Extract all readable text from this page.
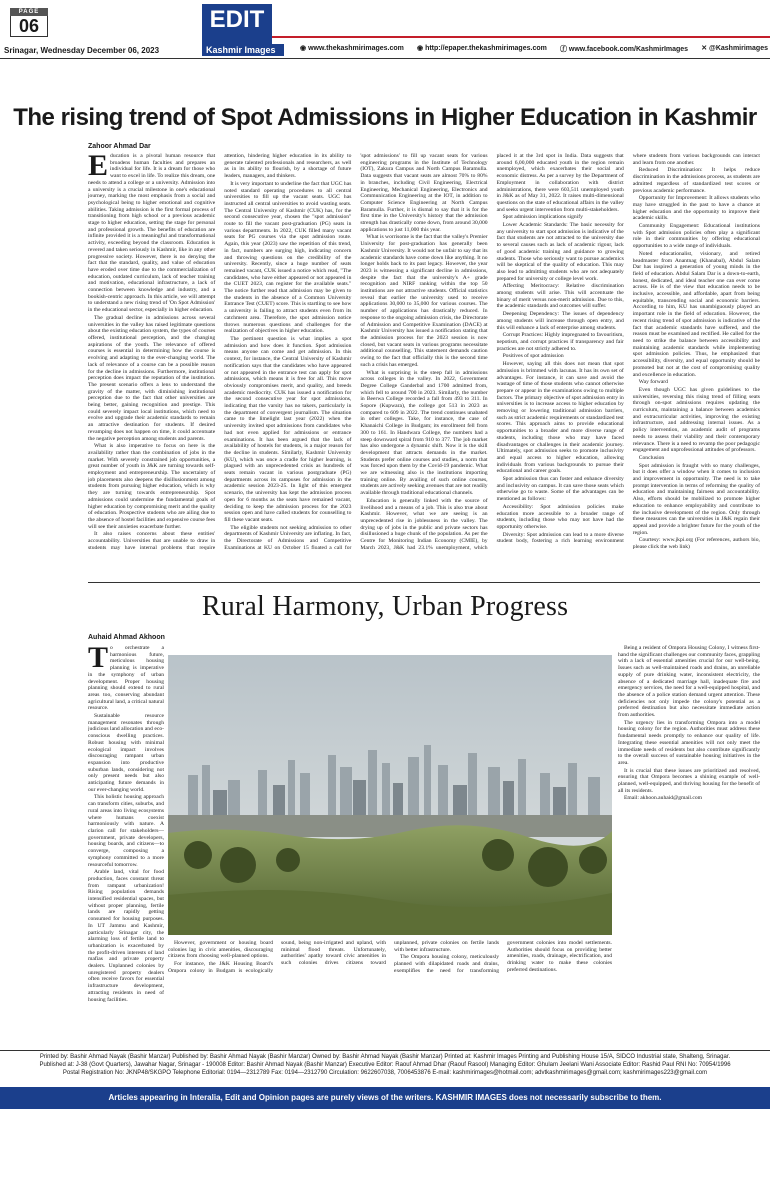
PAGE
06	EDIT
Kashmir Images
Srinagar, Wednesday December 06, 2023	◉ www.thekashmirimages.com ◉ http://epaper.thekashmirimages.com ⓕ www.facebook.com/KashmirImages ✕ @Kashmirimages
The rising trend of Spot Admissions in Higher Education in Kashmir
Zahoor Ahmad Dar
E ducation is a pivotal human resource that broadens human faculties and prepares an individual for life. It is a dream for those who want to excel in life. To realize this dream, one needs to attend a college or a university. Admission into a university is a crucial milestone in one's educational journey, marking the most emphasis from a social and psychological being to higher emotional and cognitive abilities. Taking admission is the first formal process of transitioning from high school or a previous academic stage to higher education, setting the stage for personal and professional growth. The benefits of education are infinite provided it is a meaningful and transformational activity, exceeding beyond the classroom. Education is revered and taken seriously in Kashmir, like in any other progressive society. However, there is no denying the fact that the standard, quality, and value of education have eroded over time due to the commercialization of education, outdated curriculum, lack of teacher training and motivation, educational infrastructure, a lack of connection between knowledge and industry, and a bookish-centric approach. In this article, we will attempt to understand a new rising trend of 'On Spot Admission' in the educational sector, especially in higher education.

The gradual decline in admissions across several universities in the valley has raised legitimate questions about the existing education system, the types of courses offered, institutional perception, and the changing aspirations of the youth. The relevance of offered courses is essential in determining how the course is evolving and adapting to the ever-changing world. The lack of relevance of a course can be a possible reason for the decline in admissions. Furthermore, institutional perception does impact the reputation of the institution. The present scenario offers a lens to understand the gravity of the matter, with diminishing institutional perception due to the fact that other universities are being better, gaining recognition and prestige. This could severely impact local institutions, which need to evolve and upgrade their academic standards to remain an attractive destination for students. If desired revamping does not happen on time, it could accentuate the negative perception among students and parents.

What is also imperative to focus on here is the availability rather than the combination of jobs in the market. With severely constrained job opportunities, a great number of youth in J&K are turning towards self-employment and entrepreneurship. The uncertainty of job placements also deepens the disillusionment among students from pursuing higher education, which is why they are turning towards entrepreneurship. Spot admissions could undermine the fundamental goals of higher education by compromising merit and the quality of education. Prospective students who are ailing due to the absence of hostel facilities and expensive course fees will see their anxieties exacerbate further.

It also raises concerns about these entities' accountability. Universities that are unable to draw in students may have internal problems that require attention, hindering higher education in its ability to generate talented professionals and researchers, as well as in its ability to flourish, by a shortage of future leaders, managers, and thinkers.

It is very important to underline the fact that UGC has noted standard operating procedures to all central universities to fill up the vacant seats. UGC has instructed all central universities to avoid wasting seats. The Central University of Kashmir (CUK) has, for the second consecutive year, chosen the "spot admission" route to fill the vacant post-graduation (PG) seats in various departments. In 2022, CUK filled many vacant seats for PG courses via the spot admission route. Again, this year (2023) saw the repetition of this trend, in fact, numbers are surging high, indicating concern and throwing questions on the credibility of the university. Recently, since a huge number of seats remained vacant, CUK issued a notice which read, "The candidates, who have either appeared or not appeared in the CUET 2023, can register for the available seats." The notice further read that admission may be given to the students in the absence of a Common University Entrance Test (CUET) score. This is startling to see how a university is failing to attract students even from its catchment area. Therefore, the spot admission notice throws numerous questions and challenges for the realization of objectives in higher education.

The pertinent question is what implies a spot admission and how does it function. Spot admission means anyone can come and get admission. In this context, for instance, the Central University of Kashmir notification says that the candidates who have appeared or not appeared in the entrance test can apply for spot admissions, which means it is free for all. This move obviously compromises merit, and quality, and breeds academic mediocrity. CUK has issued a notification for the second consecutive year for spot admissions, indicating that the varsity has no takers, particularly in the department of convergent journalism. The situation came to the limelight last year (2022) when the university invited spot admissions from candidates who had not even applied for admissions or entrance examinations. It has been argued that the lack of availability of hostels for students, is a major reason for the decline in students. Similarly, Kashmir University (KU), which was once a cradle for higher learning, is plagued with an unprecedented crisis as hundreds of seats remain vacant in various postgraduate (PG) departments across its campuses for admission in the academic session 2023-25. In light of this emergent scenario, the university has kept the admission process open for 6 months as the seats have remained vacant, deciding to keep the admission process for the 2023 session open and have called students for counselling to fill these vacant seats.

The eligible students not seeking admission to other departments of Kashmir University are inflating. In fact, the Directorate of Admissions and Competitive Examinations at KU on October 15 floated a call for 'spot admissions' to fill up vacant seats for various engineering programs in the Institute of Technology (IOT), Zakura Campus and North Campus Baramulla. Data suggests that vacant seats are almost 70% to 80% in branches, including Civil Engineering, Electrical Engineering, Mechanical Engineering, Electronics and Communication Engineering at the IOT, in addition to Computer Science Engineering at North Campus Baramulla. Further, it is dismal to say that it is for the first time in the University's history that the admission strength has drastically come down, from around 30,000 applications to just 11,000 this year.

What is worrisome is the fact that the valley's Premier University for post-graduation has generally been Kashmir University. It would not be unfair to say that its academic standards have come down like anything. It no longer holds back to its past legacy. However, the year 2023 is witnessing a significant decline in admissions, despite the fact that the university's A+ grade recognition and NIRF ranking within the top 50 institutions are not attractive students. Official statistics reveal that earlier the university used to receive applications 30,000 to 35,000 for various courses. The number of applications has drastically reduced. In response to the ongoing admission crisis, the Directorate of Admission and Competitive Examination (DACE) at Kashmir University has issued a notification stating that the admission process for the 2023 session is now closed, but vacant seats in various programs necessitate additional counselling. This statement demands caution owing to the fact that officially this is the second time such a crisis has emerged.

What is surprising is the steep fall in admissions across colleges in the valley. In 2022, Government Degree College Ganderbal and 1700 admitted from, which fell to around 700 in 2023. Similarly, the number in Beerwa College recorded a fall from 493 to 311. In Sopore (Kupwara), the college got 513 in 2023 as compared to 609 in 2022. The trend continues unabated in other colleges. Take, for instance, the case of Khanaichi College in Budgam; its enrollment fell from 300 to 161. In Handwara College, the numbers had a steep downward spiral from 910 to 377. The job market has also undergone a dynamic shift. Now it is the skill development that attracts demands in the market. Students prefer online courses and studies, a norm that was forced upon them by the Covid-19 pandemic. What we are witnessing also is the institutions importing training online. By availing of such online courses, students are actively seeking avenues that are not readily available through traditional educational channels.

Education is generally linked with the source of livelihood and a means of a job. This is also true about Kashmir. However, what we are seeing is an unprecedented rise in joblessness in the valley. The drying up of jobs in the public and private sectors has disillusioned a huge chunk of the population. As per the Centre for Monitoring Indian Economy (CMIE), by March 2023, J&K had 23.1% unemployment, which placed it at the 3rd spot in India. Data suggests that around 6,00,000 educated youth in the region remain unemployed, which exacerbates their social and economic distress. As per a survey by the Department of Employment in collaboration with district administrations, there were 603,511 unemployed youth in J&K as of May 31, 2022. It raises multi-dimensional questions on the state of educational affairs in the valley and seeks urgent intervention from multi-stakeholders.

Spot admission implications signify

Lower Academic Standards: The basic necessity for any university to start spot admission is indicative of the fact that students are not attracted to the university due to several causes such as lack of academic rigour, lack of good academic training and guidance to growing students. Those who seriously want to pursue academics will be skeptical of the quality of education. This may also lead to admitting students who are not adequately prepared for university or college level work.

Affecting Meritocracy: Relative discrimination among students will arise. This will accentuate the binary of merit versus non-merit admission. Due to this, the academic standards and outcomes will suffer.

Deepening Dependency: The issues of dependency among students will increase through open entry, and this will enhance a lack of enterprise among students.

Corrupt Practices: Highly impregnated to favouritism, nepotism, and corrupt practices if transparency and fair practices are not strictly adhered to.

Positives of spot admission

However, saying all this does not mean that spot admission is brimmed with lacunas. It has its own set of advantages. For instance, it can save and avoid the wastage of time of those students who cannot otherwise prepare or appear in the examinations owing to multiple factors. The primary objective of spot admission entry in universities is to increase access to higher education by removing or lowering traditional admission barriers, such as strict academic requirements or standardized test scores. This approach aims to provide educational opportunities to a broader and more diverse range of students, including those who may have faced disadvantages or challenges in their academic journey. Ultimately, spot admission seeks to promote inclusivity and equal access to higher education, allowing individuals from various backgrounds to pursue their educational and career goals.

Spot admission thus can foster and enhance diversity and inclusivity on campus. It can save those seats which otherwise go to waste. Some of the advantages can be mentioned as follows:

Accessibility: Spot admission policies make education more accessible to a broader range of students, including those who may not have had the opportunity otherwise.

Diversity: Spot admission can lead to a more diverse student body, fostering a rich learning environment where students from various backgrounds can interact and learn from one another.

Reduced Discrimination: It helps reduce discrimination in the admissions process, as students are admitted regardless of standardized test scores or previous academic performance.

Opportunity for Improvement: It allows students who may have struggled in the past to have a chance at higher education and the opportunity to improve their academic skills.

Community Engagement: Educational institutions with Spot admission policies often play a significant role in their communities by offering educational opportunities to a wide range of individuals.

Noted educationalist, visionary, and retired headmaster from Anantnag (Khanabal), Abdul Salam Dar has inspired a generation of young minds in the field of education. Abdul Salam Dar is a down-to-earth, honest, dedicated, and ideal teacher one can ever come across. He is of the view that education needs to be inclusive, accessible, and affordable, apart from being equitable, transcending social and economic barriers. According to him, KU has unambiguously played an important role in the field of education. However, the recent rising trend of spot admission is indicative of the fact that academic standards have suffered, and the reason must be examined and rectified. He called for the need to strike the balance between accessibility and maintaining academic standards while implementing spot admission policies. Thus, he emphasized that accessibility, diversity, and equal opportunity should be promoted but not at the cost of compromising quality and excellence in education.

Way forward

Even though UGC has given guidelines to the universities, reversing this rising trend of filling seats through on-spot admissions requires updating the curriculum, maintaining a balance between academics and extracurricular activities, improving the existing infrastructure, and addressing internal issues. As a policy intervention, an academic audit of programs needs to assess their viability and their contemporary relevance. There is a need to revamp the poor pedagogic engagement and unprofessional attitudes of professors.

Conclusion

Spot admission is fraught with so many challenges, but it does offer a window when it comes to inclusion and improvement in opportunity. The need is to take prompt intervention in terms of reforming the quality of education and maintaining fairness and accountability. Also, efforts should be mobilized to promote higher education to enhance employability and contribute to the inclusive development of the region. Only through these measures can the universities in J&K regain their appeal and provide a brighter future for the youth of the region.

Courtesy: www.jkpi.org (For references, authors bio, please click the web link)

Rural Harmony, Urban Progress
Auhaid Ahmad Akhoon
T o orchestrate a harmonious future, meticulous housing planning is imperative in the symphony of urban development. Proper housing planning should extend to rural areas too, conserving abundant agricultural land, a critical natural resource.

Sustainable resource management resonates through judicious land allocation and eco-conscious dwelling practices. Robust housing with minimal ecological impact involves discouraging rampant urban expansion into productive suburban lands, considering not only present needs but also anticipating future demands in our ever-changing world.

This holistic housing approach can transform cities, suburbs, and rural areas into living ecosystems where humans coexist harmoniously with nature. A clarion call for stakeholders—government, private developers, housing boards, and citizens—to converge, composing a symphony committed to a more resourceful tomorrow.

Arable land, vital for food production, faces constant threat from rampant urbanization! Rising population demands intensified residential spaces, but without proper planning, fertile lands are rapidly getting consumed for housing purposes. In UT Jammu and Kashmir, particularly Srinagar city, the alarming loss of fertile land to urbanization is exacerbated by the profit-driven interests of land mafias and private property dealers. Unplanned colonies by unregistered property dealers often receive favors for essential infrastructure development, attracting residents in need of housing facilities.

However, government or housing board colonies lag in civic amenities, discouraging citizens from choosing well-planned options.

For instance, the J&K Housing Board's Ompora colony in Budgam is ecologically sound, being non-irrigated and upland, with minimal flood threats. Unfortunately, authorities' apathy toward civic amenities in such colonies drives citizens toward unplanned, private colonies on fertile lands with better infrastructure.

The Ompora housing colony, meticulously planned with dilapidated roads and drains, exemplifies the need for transforming government colonies into model settlements. Authorities should focus on providing better amenities, roads, drainage, electrification, and drinking water to make these colonies preferred destinations.

Being a resident of Ompora Housing Colony, I witness first-hand the significant challenges our community faces, grappling with a lack of essential amenities crucial for our well-being. Issues such as well-maintained roads and drains, an unreliable supply of pure drinking water, inconsistent electricity, the absence of a dedicated marriage hall, inadequate fire and emergency services, the need for a well-equipped hospital, and the absence of a police station demand urgent attention. These deficiencies not only impede the colony's potential as a preferred destination but also necessitate immediate action from authorities.

The urgency lies in transforming Ompora into a model housing colony for the region. Authorities must address these fundamental needs promptly to enhance our quality of life. Integrating these essential amenities will not only meet the immediate needs of residents but also contribute significantly to the overall success of sustainable housing initiatives in the area.

It is crucial that these issues are prioritized and resolved, ensuring that Ompora becomes a shining example of well-planned, well-equipped, and thriving housing for the benefit of all its residents.

Email: akhoon.auhaid@gmail.com

Printed by: Bashir Ahmad Nayak (Bashir Manzar) Published by: Bashir Ahmad Nayak (Bashir Manzar) Owned by: Bashir Ahmad Nayak (Bashir Manzar) Printed at: Kashmir Images Printing and Publishing House 15/A, SIDCO Industrial state, Shalteng, Srinagar.
Published at: J-38 (Govt Quarters), Jawahar Nagar, Srinagar - 190008 Editor: Bashir Ahmad Nayak (Bashir Manzar) Executive Editor: Raouf Ahmad Dhar (Raouf Rasool) Managing Editor: Ghulam Jeelani Wani Associate Editor: Rashid Paul RNI No: 70954/1996
Postal Registration No: JKNP48/SKGPO Telephone Editorial: 0194—2312789 Fax: 0194—2312790 Circulation: 9622607038, 7006453876 E-mail: kashmirimages@hotmail.com; advtkashmirimages@gmail.com; kashmirimages223@gmail.com
Articles appearing in Interalia, Edit and Opinion pages are purely views of the writers. KASHMIR IMAGES does not necessarily subscribe to them.
